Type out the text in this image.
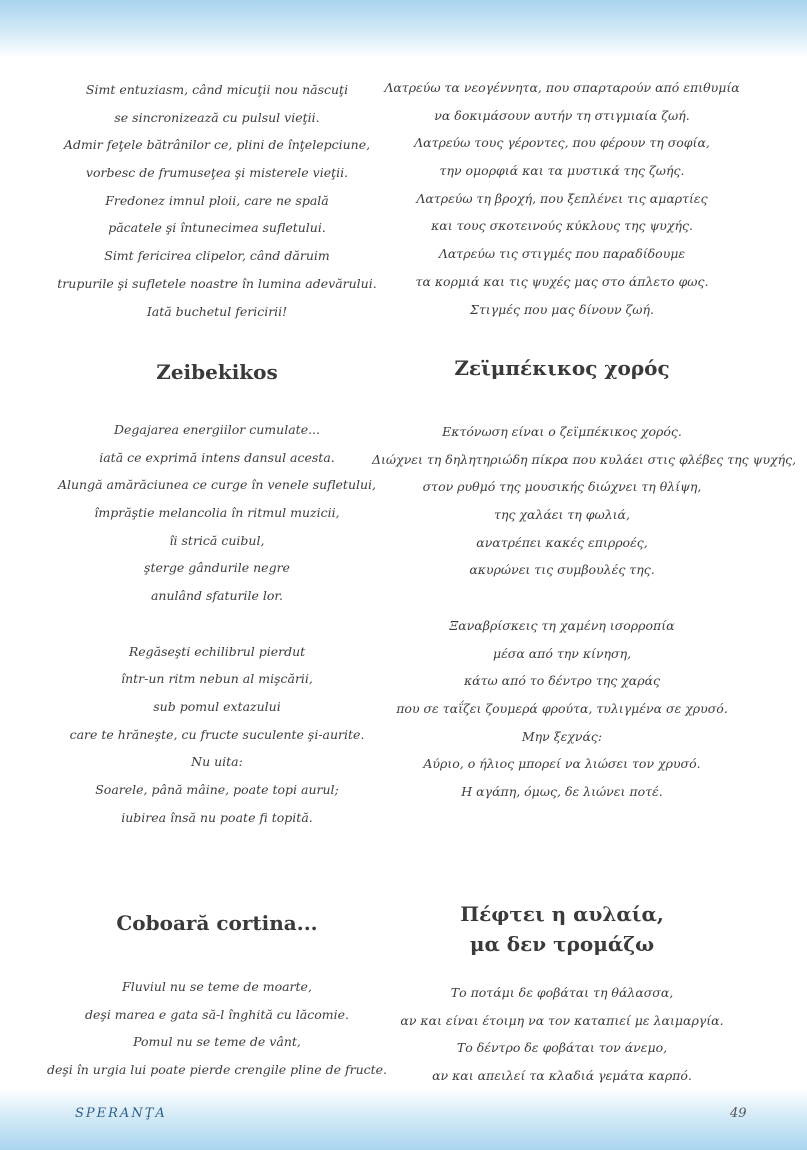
Simt entuziasm, când micuţii nou născuţi
se sincronizează cu pulsul vieţii.
Admir feţele bătrânilor ce, plini de înţelepciune,
vorbesc de frumuseţea şi misterele vieţii.
Fredonez imnul ploii, care ne spală
păcatele şi întunecimea sufletului.
Simt fericirea clipelor, când dăruim
trupurile şi sufletele noastre în lumina adevărului.
Iată buchetul fericirii!
Zeibekikos
Degajarea energiilor cumulate...
iată ce exprimă intens dansul acesta.
Alungă amărăciunea ce curge în venele sufletului,
împrăştie melancolia în ritmul muzicii,
îi strică cuibul,
şterge gândurile negre
anulând sfaturile lor.
Regăseşti echilibrul pierdut
într-un ritm nebun al mişcării,
sub pomul extazului
care te hrăneşte, cu fructe suculente şi-aurite.
Nu uita:
Soarele, până mâine, poate topi aurul;
iubirea însă nu poate fi topită.
Coboară cortina...
Fluviul nu se teme de moarte,
deşi marea e gata să-l înghită cu lăcomie.
Pomul nu se teme de vânt,
deşi în urgia lui poate pierde crengile pline de fructe.
Λατρεύω τα νεογέννητα, που σπαρταρούν από επιθυμία
να δοκιμάσουν αυτήν τη στιγμιαία ζωή.
Λατρεύω τους γέροντες, που φέρουν τη σοφία,
την ομορφιά και τα μυστικά της ζωής.
Λατρεύω τη βροχή, που ξεπλένει τις αμαρτίες
και τους σκοτεινούς κύκλους της ψυχής.
Λατρεύω τις στιγμές που παραδίδουμε
τα κορμιά και τις ψυχές μας στο άπλετο φως.
Στιγμές που μας δίνουν ζωή.
Ζεϊμπέκικος χορός
Εκτόνωση είναι ο ζεϊμπέκικος χορός.
Διώχνει τη δηλητηριώδη πίκρα που κυλάει στις φλέβες της ψυχής,
στον ρυθμό της μουσικής διώχνει τη θλίψη,
της χαλάει τη φωλιά,
ανατρέπει κακές επιρροές,
ακυρώνει τις συμβουλές της.
Ξαναβρίσκεις τη χαμένη ισορροπία
μέσα από την κίνηση,
κάτω από το δέντρο της χαράς
που σε ταΐζει ζουμερά φρούτα, τυλιγμένα σε χρυσό.
Μην ξεχνάς:
Αύριο, ο ήλιος μπορεί να λιώσει τον χρυσό.
Η αγάπη, όμως, δε λιώνει ποτέ.
Πέφτει η αυλαία,
μα δεν τρομάζω
Το ποτάμι δε φοβάται τη θάλασσα,
αν και είναι έτοιμη να τον καταπιεί με λαιμαργία.
Το δέντρο δε φοβάται τον άνεμο,
αν και απειλεί τα κλαδιά γεμάτα καρπό.
SPERANŢA	49
